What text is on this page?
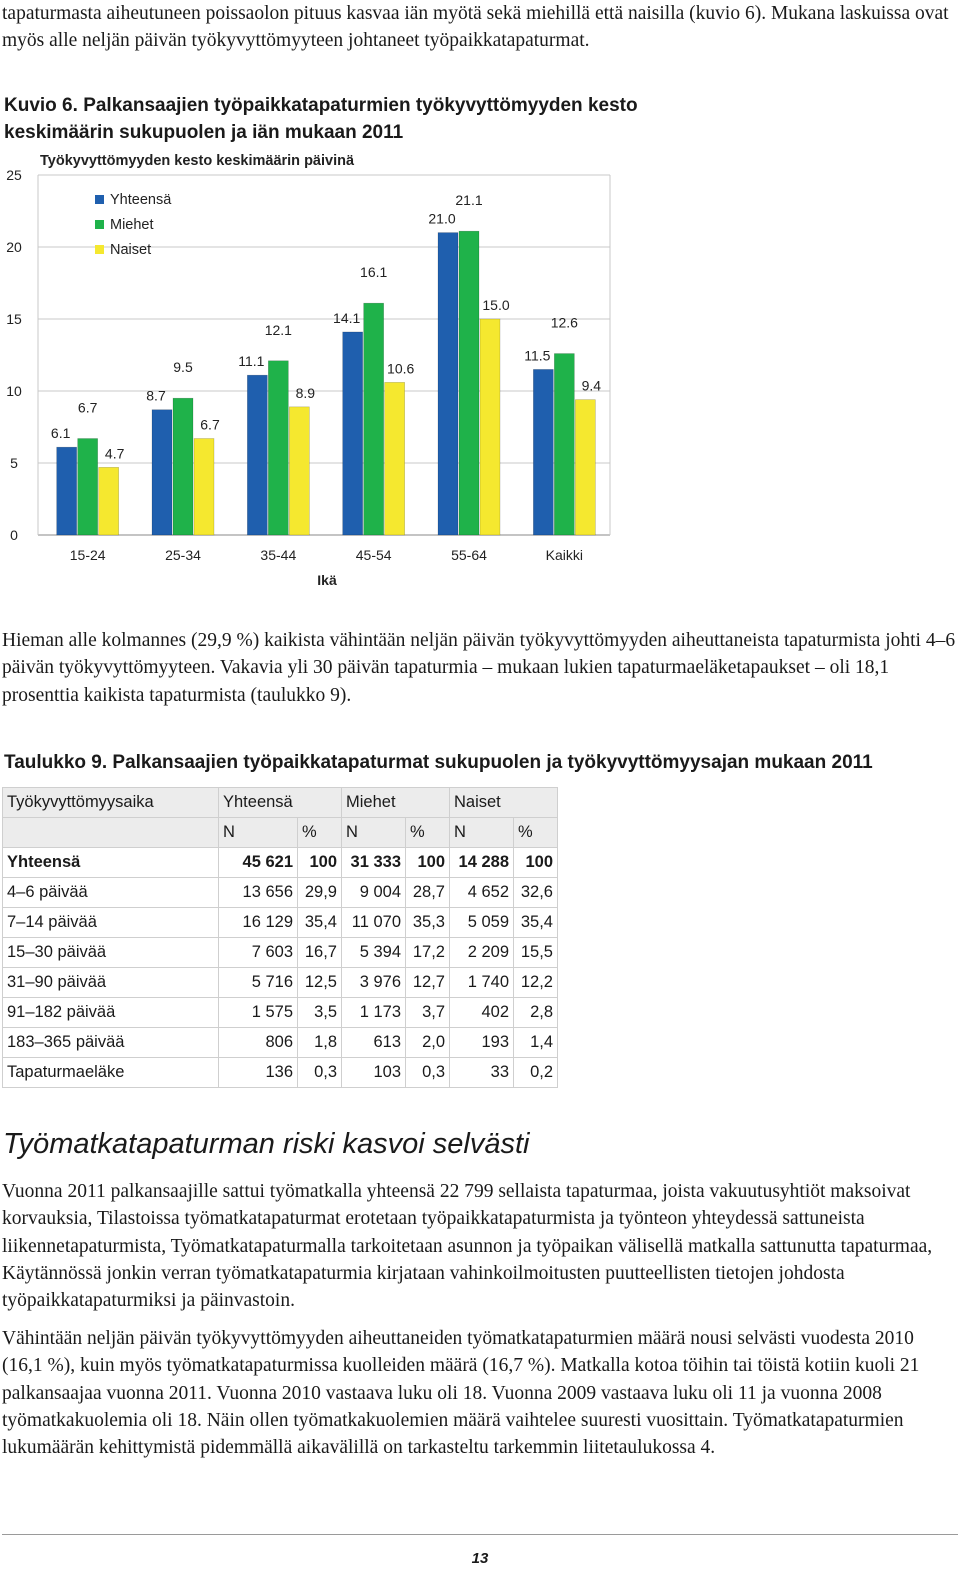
tapaturmasta aiheutuneen poissaolon pituus kasvaa iän myötä sekä miehillä että naisilla (kuvio 6). Mukana laskuissa ovat myös alle neljän päivän työkyvyttömyyteen johtaneet työpaikkatapaturmat.
Kuvio 6. Palkansaajien työpaikkatapaturmien työkyvyttömyyden kesto keskimäärin sukupuolen ja iän mukaan 2011
Työkyvyttömyyden kesto keskimäärin päivinä
0
5
10
15
20
25
6.1
6.7
4.7
8.7
9.5
6.7
11.1
12.1
8.9
14.1
16.1
10.6
21.0
21.1
15.0
11.5
12.6
9.4
15-24	25-34	35-44	45-54	55-64	Kaikki
Yhteensä
Miehet
Naiset
Ikä
Hieman alle kolmannes (29,9 %) kaikista vähintään neljän päivän työkyvyttömyyden aiheuttaneista tapaturmista johti 4–6 päivän työkyvyttömyyteen. Vakavia yli 30 päivän tapaturmia – mukaan lukien tapaturmaeläketapaukset – oli 18,1 prosenttia kaikista tapaturmista (taulukko 9).
Taulukko 9. Palkansaajien työpaikkatapaturmat sukupuolen ja työkyvyttömyysajan mukaan 2011
Työkyvyttömyysaika	Yhteensä		Miehet		Naiset	
	N	%	N	%	N	%
Yhteensä	45 621	100	31 333	100	14 288	100
4–6 päivää	13 656	29,9	9 004	28,7	4 652	32,6
7–14 päivää	16 129	35,4	11 070	35,3	5 059	35,4
15–30 päivää	7 603	16,7	5 394	17,2	2 209	15,5
31–90 päivää	5 716	12,5	3 976	12,7	1 740	12,2
91–182 päivää	1 575	3,5	1 173	3,7	402	2,8
183–365 päivää	806	1,8	613	2,0	193	1,4
Tapaturmaeläke	136	0,3	103	0,3	33	0,2
Työmatkatapaturman riski kasvoi selvästi
Vuonna 2011 palkansaajille sattui työmatkalla yhteensä 22 799 sellaista tapaturmaa, joista vakuutusyhtiöt maksoivat korvauksia, Tilastoissa työmatkatapaturmat erotetaan työpaikkatapaturmista ja työnteon yhteydessä sattuneista liikennetapaturmista, Työmatkatapaturmalla tarkoitetaan asunnon ja työpaikan välisellä matkalla sattunutta tapaturmaa, Käytännössä jonkin verran työmatkatapaturmia kirjataan vahinkoilmoitusten puutteellisten tietojen johdosta työpaikkatapaturmiksi ja päinvastoin.
Vähintään neljän päivän työkyvyttömyyden aiheuttaneiden työmatkatapaturmien määrä nousi selvästi vuodesta 2010 (16,1 %), kuin myös työmatkatapaturmissa kuolleiden määrä (16,7 %). Matkalla kotoa töihin tai töistä kotiin kuoli 21 palkansaajaa vuonna 2011. Vuonna 2010 vastaava luku oli 18. Vuonna 2009 vastaava luku oli 11 ja vuonna 2008 työmatkakuolemia oli 18. Näin ollen työmatkakuolemien määrä vaihtelee suuresti vuosittain. Työmatkatapaturmien lukumäärän kehittymistä pidemmällä aikavälillä on tarkasteltu tarkemmin liitetaulukossa 4.
13
